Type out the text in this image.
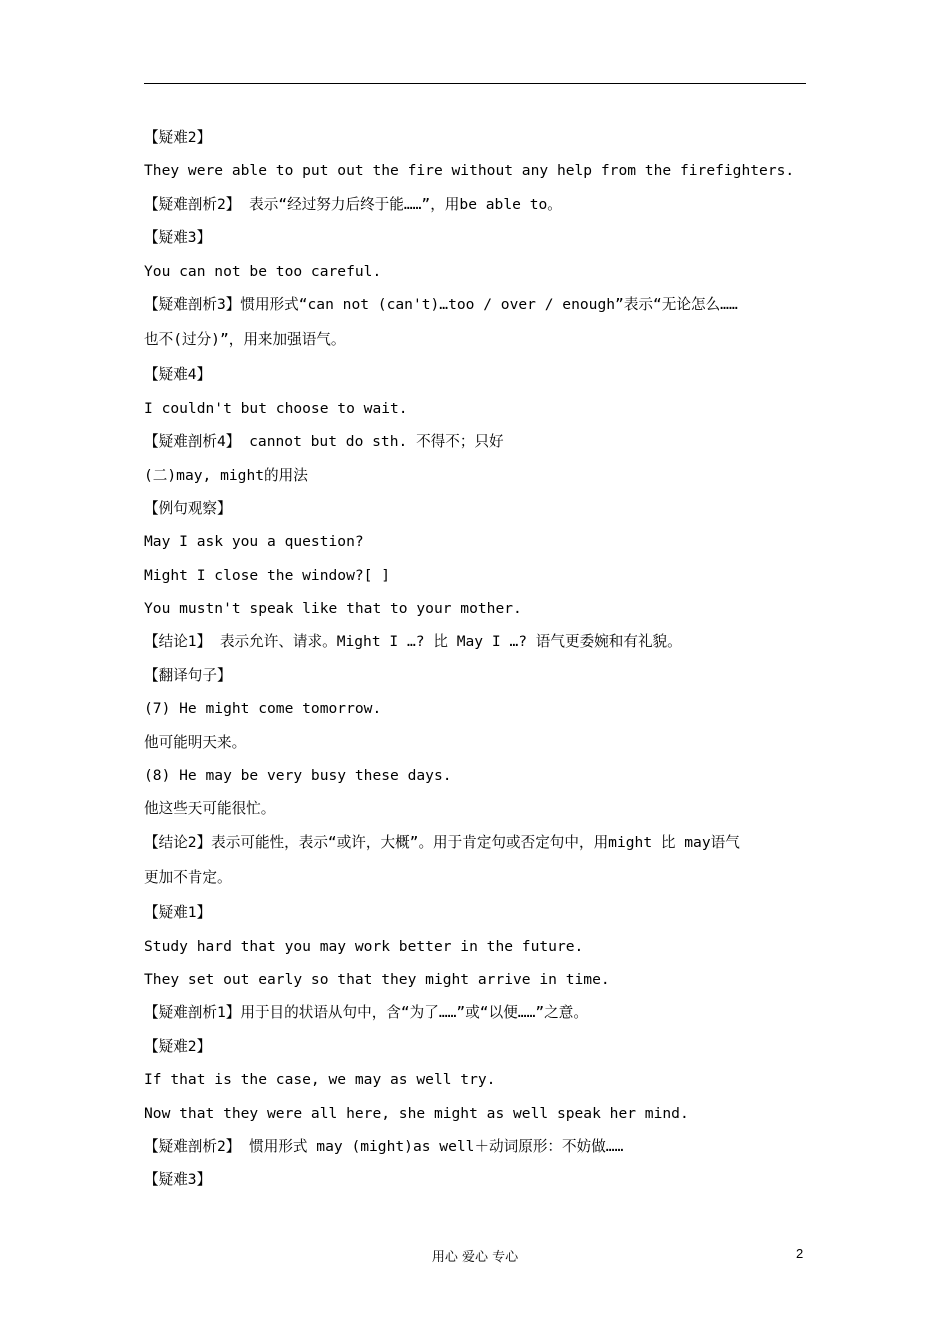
【疑难2】
They were able to put out the fire without any help from the firefighters.
【疑难剖析2】 表示“经过努力后终于能……”，用be able to。
【疑难3】
You can not be too careful.
【疑难剖析3】惯用形式“can not (can't)…too / over / enough”表示“无论怎么……
也不(过分)”，用来加强语气。
【疑难4】
I couldn't but choose to wait.
【疑难剖析4】 cannot but do sth. 不得不；只好
(二)may, might的用法
【例句观察】
May I ask you a question?
Might I close the window?[ ]
You mustn't speak like that to your mother.
【结论1】 表示允许、请求。Might I …? 比 May I …? 语气更委婉和有礼貌。
【翻译句子】
(7) He might come tomorrow.
他可能明天来。
(8) He may be very busy these days.
他这些天可能很忙。
【结论2】表示可能性，表示“或许，大概”。用于肯定句或否定句中，用might 比 may语气
更加不肯定。
【疑难1】
Study hard that you may work better in the future.
They set out early so that they might arrive in time.
【疑难剖析1】用于目的状语从句中，含“为了……”或“以便……”之意。
【疑难2】
If that is the case, we may as well try.
Now that they were all here, she might as well speak her mind.
【疑难剖析2】 惯用形式 may (might)as well＋动词原形：不妨做……
【疑难3】
用心 爱心 专心	2
